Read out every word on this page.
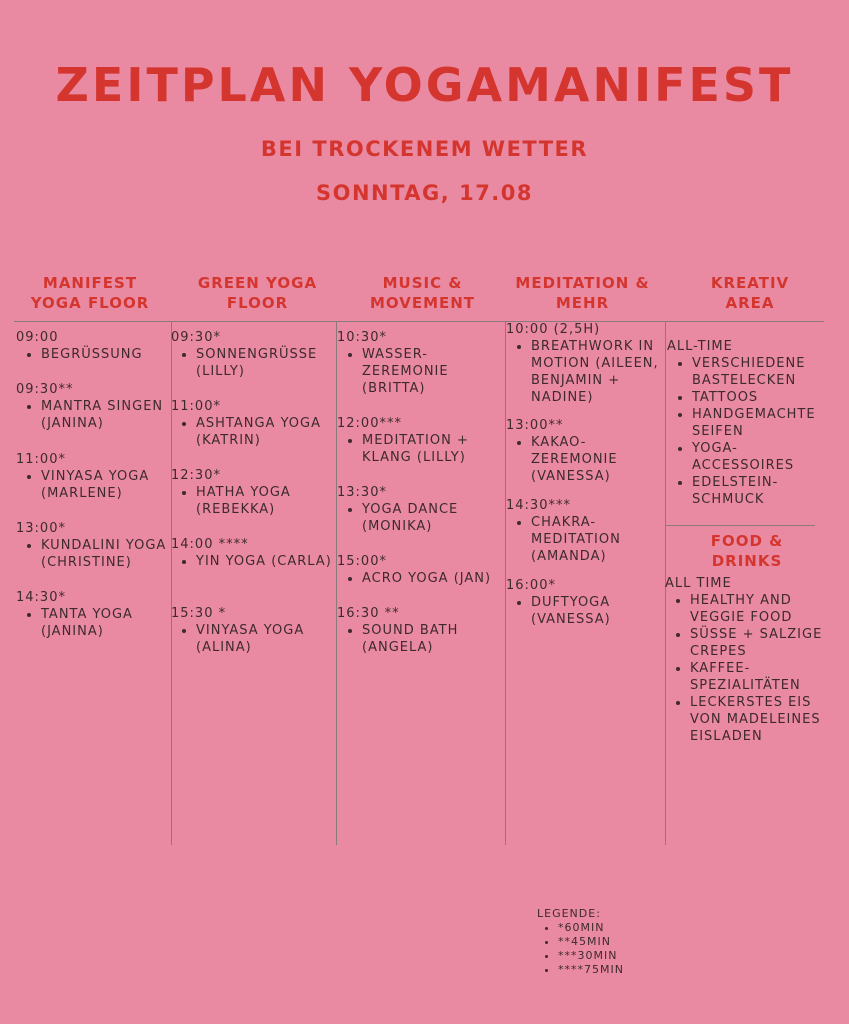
ZEITPLAN YOGAMANIFEST
BEI TROCKENEM WETTER
SONNTAG, 17.08
MANIFEST
YOGA FLOOR
GREEN YOGA
FLOOR
MUSIC &
MOVEMENT
MEDITATION &
MEHR
KREATIV
AREA
09:00
• BEGRÜSSUNG
09:30**
• MANTRA SINGEN (JANINA)
11:00*
• VINYASA YOGA (MARLENE)
13:00*
• KUNDALINI YOGA (CHRISTINE)
14:30*
• TANTA YOGA (JANINA)
09:30*
• SONNENGRÜSSE (LILLY)
11:00*
• ASHTANGA YOGA (KATRIN)
12:30*
• HATHA YOGA (REBEKKA)
14:00 ****
• YIN YOGA (CARLA)
15:30 *
• VINYASA YOGA (ALINA)
10:30*
• WASSER-ZEREMONIE (BRITTA)
12:00***
• MEDITATION + KLANG (LILLY)
13:30*
• YOGA DANCE (MONIKA)
15:00*
• ACRO YOGA (JAN)
16:30 **
• SOUND BATH (ANGELA)
10:00 (2,5H)
• BREATHWORK IN MOTION (AILEEN, BENJAMIN + NADINE)
13:00**
• KAKAO-ZEREMONIE (VANESSA)
14:30***
• CHAKRA-MEDITATION (AMANDA)
16:00*
• DUFTYOGA (VANESSA)
ALL-TIME
• VERSCHIEDENE BASTELECKEN
• TATTOOS
• HANDGEMACHTE SEIFEN
• YOGA-ACCESSOIRES
• EDELSTEIN-SCHMUCK
FOOD &
DRINKS
ALL TIME
• HEALTHY AND VEGGIE FOOD
• SÜSSE + SALZIGE CREPES
• KAFFEE-SPEZIALITÄTEN
• LECKERSTES EIS VON MADELEINES EISLADEN
LEGENDE:
• *60MIN
• **45MIN
• ***30MIN
• ****75MIN
